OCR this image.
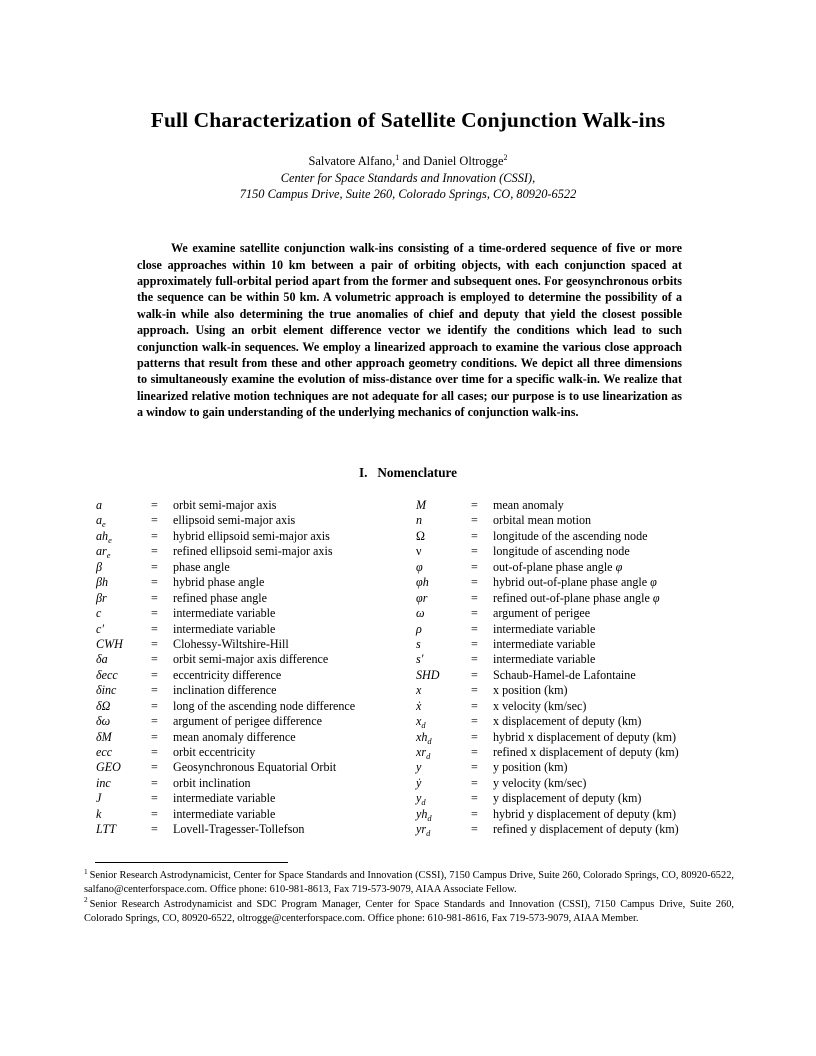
Full Characterization of Satellite Conjunction Walk-ins
Salvatore Alfano,$^1$ and Daniel Oltrogge$^2$
Center for Space Standards and Innovation (CSSI),
7150 Campus Drive, Suite 260, Colorado Springs, CO, 80920-6522

We examine satellite conjunction walk-ins consisting of a time-ordered sequence of five or more close approaches within 10 km between a pair of orbiting objects, with each conjunction spaced at approximately full-orbital period apart from the former and subsequent ones. For geosynchronous orbits the sequence can be within 50 km. A volumetric approach is employed to determine the possibility of a walk-in while also determining the true anomalies of chief and deputy that yield the closest possible approach. Using an orbit element difference vector we identify the conditions which lead to such conjunction walk-in sequences. We employ a linearized approach to examine the various close approach patterns that result from these and other approach geometry conditions. We depict all three dimensions to simultaneously examine the evolution of miss-distance over time for a specific walk-in. We realize that linearized relative motion techniques are not adequate for all cases; our purpose is to use linearization as a window to gain understanding of the underlying mechanics of conjunction walk-ins.

I. Nomenclature
a	=	orbit semi-major axis
$a_e$	=	ellipsoid semi-major axis
$ah_e$	=	hybrid ellipsoid semi-major axis
$ar_e$	=	refined ellipsoid semi-major axis
β	=	phase angle
βh	=	hybrid phase angle
βr	=	refined phase angle
c	=	intermediate variable
c′	=	intermediate variable
CWH	=	Clohessy-Wiltshire-Hill
δa	=	orbit semi-major axis difference
δecc	=	eccentricity difference
δinc	=	inclination difference
δΩ	=	long of the ascending node difference
δω	=	argument of perigee difference
δM	=	mean anomaly difference
ecc	=	orbit eccentricity
GEO	=	Geosynchronous Equatorial Orbit
inc	=	orbit inclination
J	=	intermediate variable
k	=	intermediate variable
LTT	=	Lovell-Tragesser-Tollefson
M	=	mean anomaly
n	=	orbital mean motion
Ω	=	longitude of the ascending node
ν	=	longitude of ascending node
φ	=	out-of-plane phase angle φ
φh	=	hybrid out-of-plane phase angle φ
φr	=	refined out-of-plane phase angle φ
ω	=	argument of perigee
ρ	=	intermediate variable
s	=	intermediate variable
s′	=	intermediate variable
SHD	=	Schaub-Hamel-de Lafontaine
x	=	x position (km)
ẋ	=	x velocity (km/sec)
$x_d$	=	x displacement of deputy (km)
$xh_d$	=	hybrid x displacement of deputy (km)
$xr_d$	=	refined x displacement of deputy (km)
y	=	y position (km)
ẏ	=	y velocity (km/sec)
$y_d$	=	y displacement of deputy (km)
$yh_d$	=	hybrid y displacement of deputy (km)
$yr_d$	=	refined y displacement of deputy (km)

$^1$ Senior Research Astrodynamicist, Center for Space Standards and Innovation (CSSI), 7150 Campus Drive, Suite 260, Colorado Springs, CO, 80920-6522, salfano@centerforspace.com. Office phone: 610-981-8613, Fax 719-573-9079, AIAA Associate Fellow.

$^2$ Senior Research Astrodynamicist and SDC Program Manager, Center for Space Standards and Innovation (CSSI), 7150 Campus Drive, Suite 260, Colorado Springs, CO, 80920-6522, oltrogge@centerforspace.com. Office phone: 610-981-8616, Fax 719-573-9079, AIAA Member.
